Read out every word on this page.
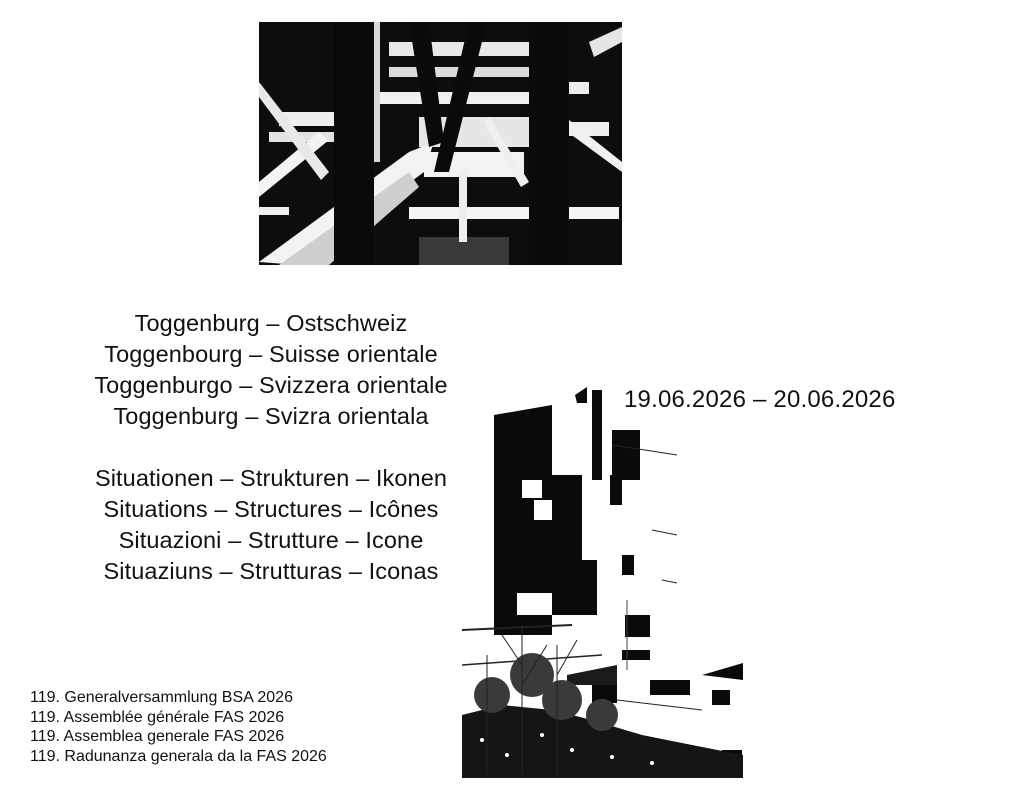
Toggenburg – Ostschweiz
Toggenbourg – Suisse orientale
Toggenburgo – Svizzera orientale
Toggenburg – Svizra orientala
Situationen – Strukturen – Ikonen
Situations – Structures – Icônes
Situazioni – Strutture – Icone
Situaziuns – Strutturas – Iconas
19.06.2026 – 20.06.2026
119. Generalversammlung BSA 2026
119. Assemblée générale FAS 2026
119. Assemblea generale FAS 2026
119. Radunanza generala da la FAS 2026
